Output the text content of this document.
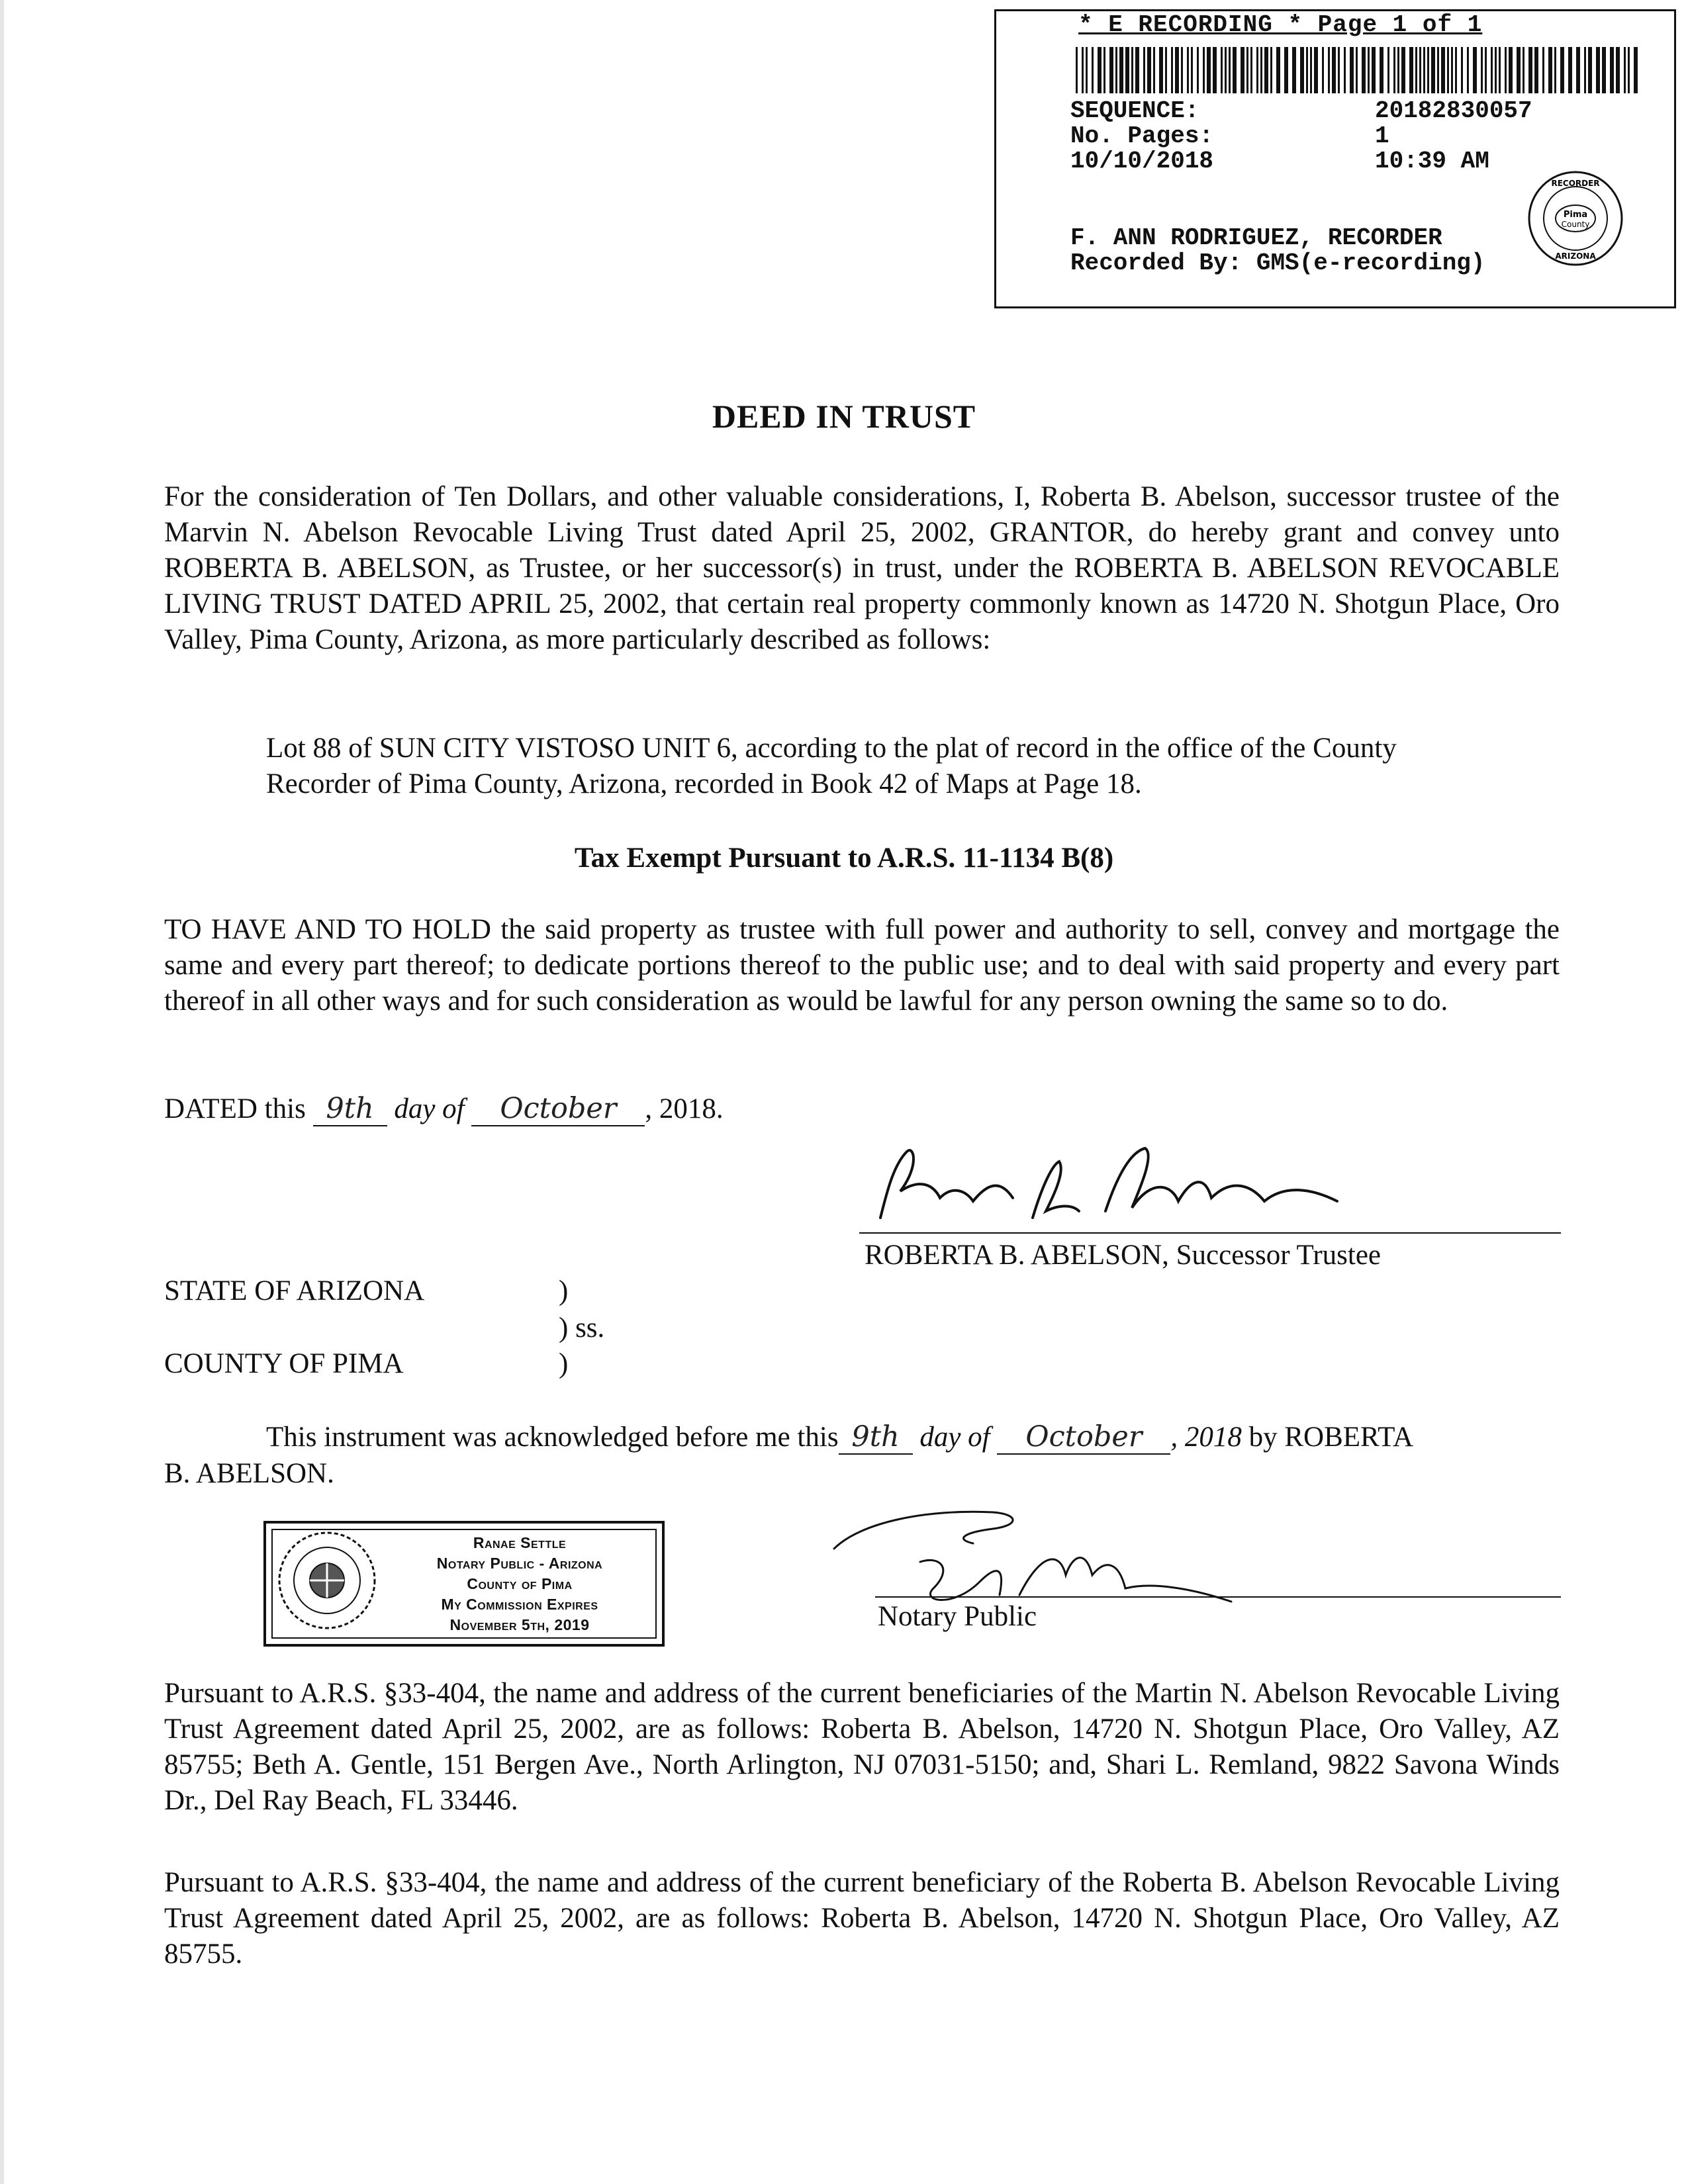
* E RECORDING * Page 1 of 1
SEQUENCE:	20182830057
No. Pages:	1
10/10/2018	10:39 AM
F. ANN RODRIGUEZ, RECORDER
Recorded By: GMS(e-recording)
Pima
County
RECORDER
ARIZONA
DEED IN TRUST
For the consideration of Ten Dollars, and other valuable considerations, I, Roberta B. Abelson, successor trustee of the Marvin N. Abelson Revocable Living Trust dated April 25, 2002, GRANTOR, do hereby grant and convey unto ROBERTA B. ABELSON, as Trustee, or her successor(s) in trust, under the ROBERTA B. ABELSON REVOCABLE LIVING TRUST DATED APRIL 25, 2002, that certain real property commonly known as 14720 N. Shotgun Place, Oro Valley, Pima County, Arizona, as more particularly described as follows:
Lot 88 of SUN CITY VISTOSO UNIT 6, according to the plat of record in the office of the County Recorder of Pima County, Arizona, recorded in Book 42 of Maps at Page 18.
Tax Exempt Pursuant to A.R.S. 11-1134 B(8)
TO HAVE AND TO HOLD the said property as trustee with full power and authority to sell, convey and mortgage the same and every part thereof; to dedicate portions thereof to the public use; and to deal with said property and every part thereof in all other ways and for such consideration as would be lawful for any person owning the same so to do.
DATED this 9th day of October , 2018.
ROBERTA B. ABELSON, Successor Trustee
STATE OF ARIZONA	)
) ss.
COUNTY OF PIMA	)
This instrument was acknowledged before me this 9th day of October , 2018 by ROBERTA
B. ABELSON.
Ranae Settle
Notary Public - Arizona
County of Pima
My Commission Expires
November 5th, 2019	Notary Public
Pursuant to A.R.S. §33-404, the name and address of the current beneficiaries of the Martin N. Abelson Revocable Living Trust Agreement dated April 25, 2002, are as follows: Roberta B. Abelson, 14720 N. Shotgun Place, Oro Valley, AZ 85755; Beth A. Gentle, 151 Bergen Ave., North Arlington, NJ 07031-5150; and, Shari L. Remland, 9822 Savona Winds Dr., Del Ray Beach, FL 33446.
Pursuant to A.R.S. §33-404, the name and address of the current beneficiary of the Roberta B. Abelson Revocable Living Trust Agreement dated April 25, 2002, are as follows: Roberta B. Abelson, 14720 N. Shotgun Place, Oro Valley, AZ 85755.
